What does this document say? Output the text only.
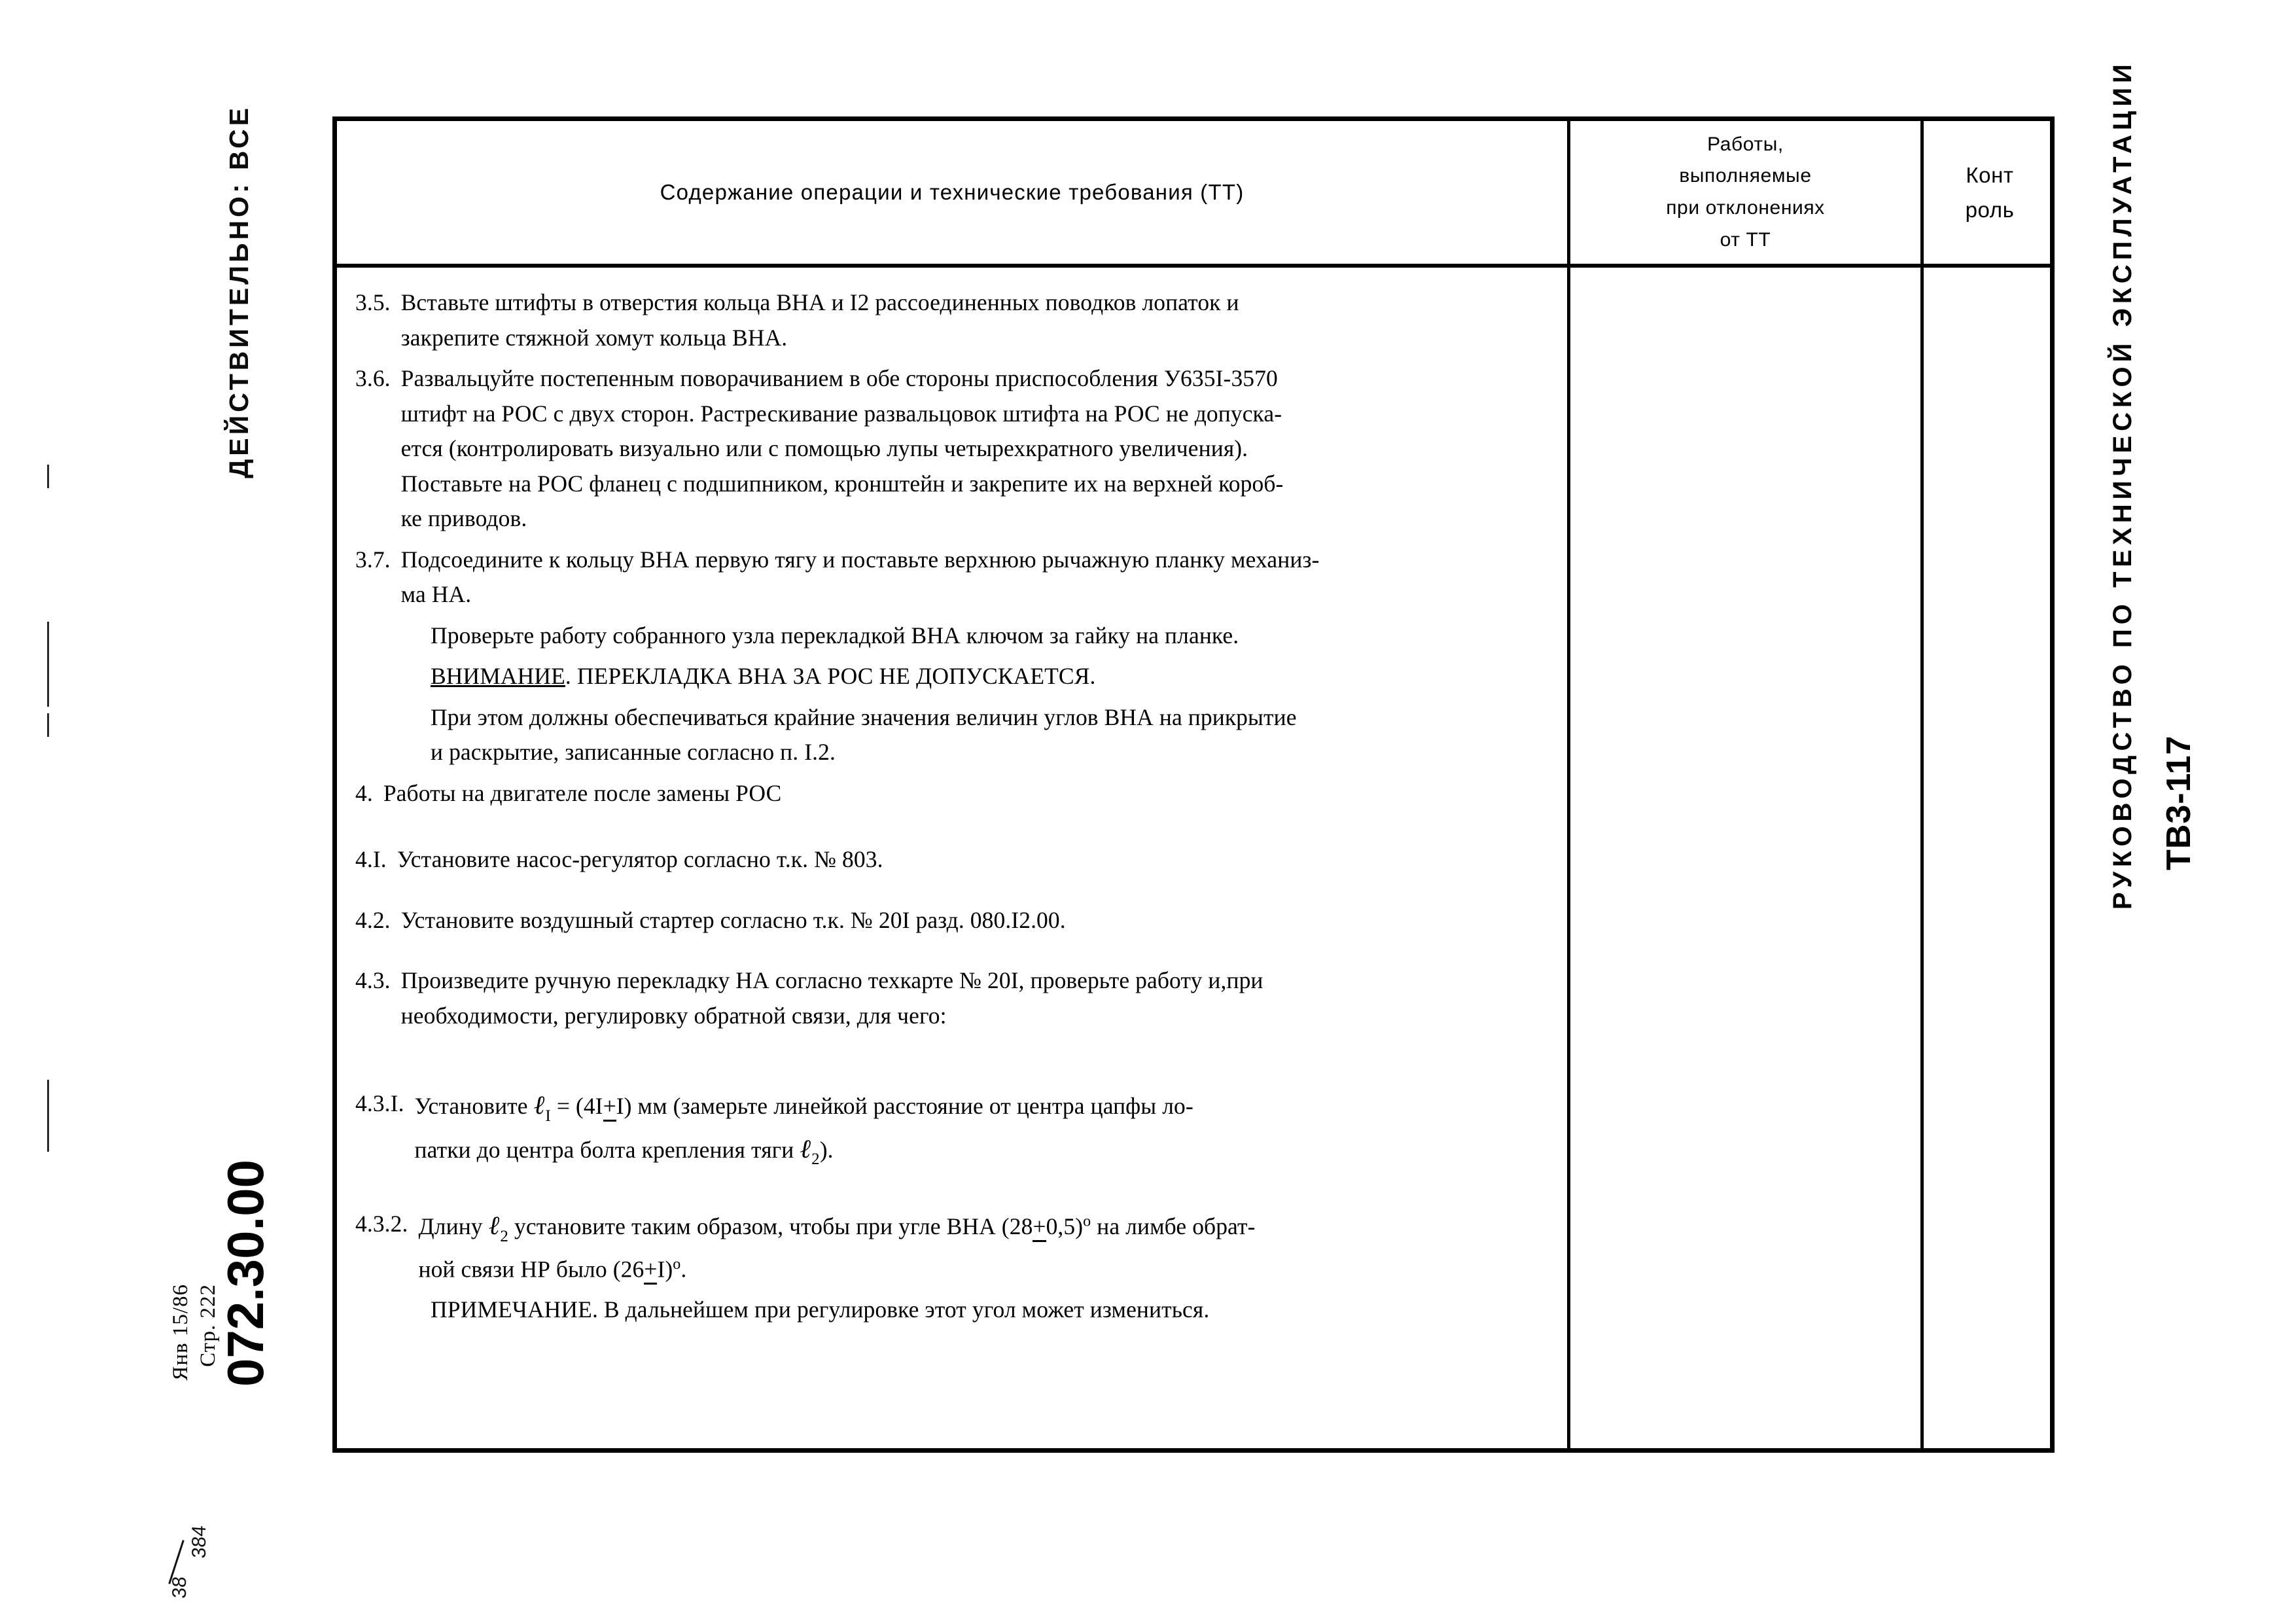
ДЕЙСТВИТЕЛЬНО: ВСЕ
072.30.00
Стр. 222
Янв 15/86
384
38
РУКОВОДСТВО ПО ТЕХНИЧЕСКОЙ ЭКСПЛУАТАЦИИ ТВ3-117
Содержание операции и технические требования (ТТ)
Работы,
выполняемые
при отклонениях
от ТТ
Конт
роль
3.5. Вставьте штифты в отверстия кольца ВНА и I2 рассоединенных поводков лопаток и
закрепите стяжной хомут кольца ВНА.
3.6. Развальцуйте постепенным поворачиванием в обе стороны приспособления У635I-3570
штифт на РОС с двух сторон. Растрескивание развальцовок штифта на РОС не допуска-
ется (контролировать визуально или с помощью лупы четырехкратного увеличения).
Поставьте на РОС фланец с подшипником, кронштейн и закрепите их на верхней короб-
ке приводов.
3.7. Подсоедините к кольцу ВНА первую тягу и поставьте верхнюю рычажную планку механиз-
ма НА.
Проверьте работу собранного узла перекладкой ВНА ключом за гайку на планке.
ВНИМАНИЕ. ПЕРЕКЛАДКА ВНА ЗА РОС НЕ ДОПУСКАЕТСЯ.
При этом должны обеспечиваться крайние значения величин углов ВНА на прикрытие
и раскрытие, записанные согласно п. I.2.
4. Работы на двигателе после замены РОС
4.I. Установите насос-регулятор согласно т.к. № 803.
4.2. Установите воздушный стартер согласно т.к. № 20I разд. 080.I2.00.
4.3. Произведите ручную перекладку НА согласно техкарте № 20I, проверьте работу и,при
необходимости, регулировку обратной связи, для чего:
4.3.I. Установите ℓ$_I$ = (4I+I) мм (замерьте линейкой расстояние от центра цапфы ло-
патки до центра болта крепления тяги ℓ$_2$).
4.3.2. Длину ℓ$_2$ установите таким образом, чтобы при угле ВНА $(28+0,5)^о$ на лимбе обрат-
ной связи НР было $(26+I)^о$.
ПРИМЕЧАНИЕ. В дальнейшем при регулировке этот угол может измениться.
